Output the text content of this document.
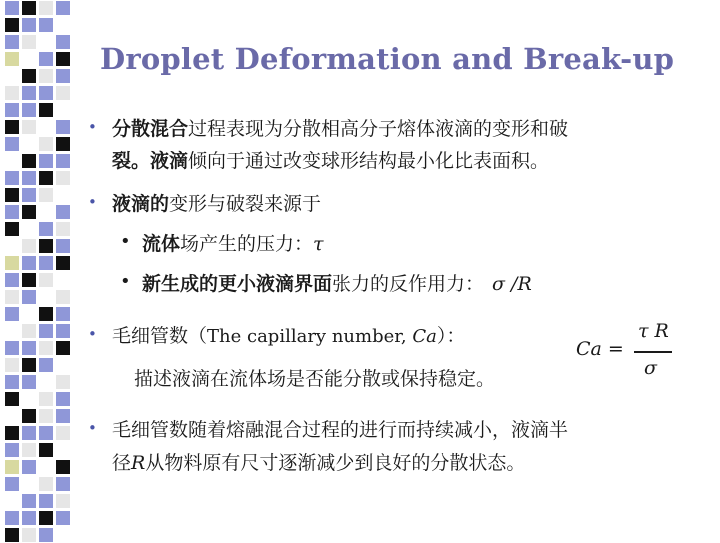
Droplet Deformation and Break-up
• 分散混合过程表现为分散相高分子熔体液滴的变形和破
裂。液滴倾向于通过改变球形结构最小化比表面积。
• 液滴的变形与破裂来源于
• 流体场产生的压力：τ
• 新生成的更小液滴界面张力的反作用力： σ /R
• 毛细管数（The capillary number, Ca）：
描述液滴在流体场是否能分散或保持稳定。
Ca =
τ R
σ
• 毛细管数随着熔融混合过程的进行而持续减小，液滴半
径R从物料原有尺寸逐渐减少到良好的分散状态。
